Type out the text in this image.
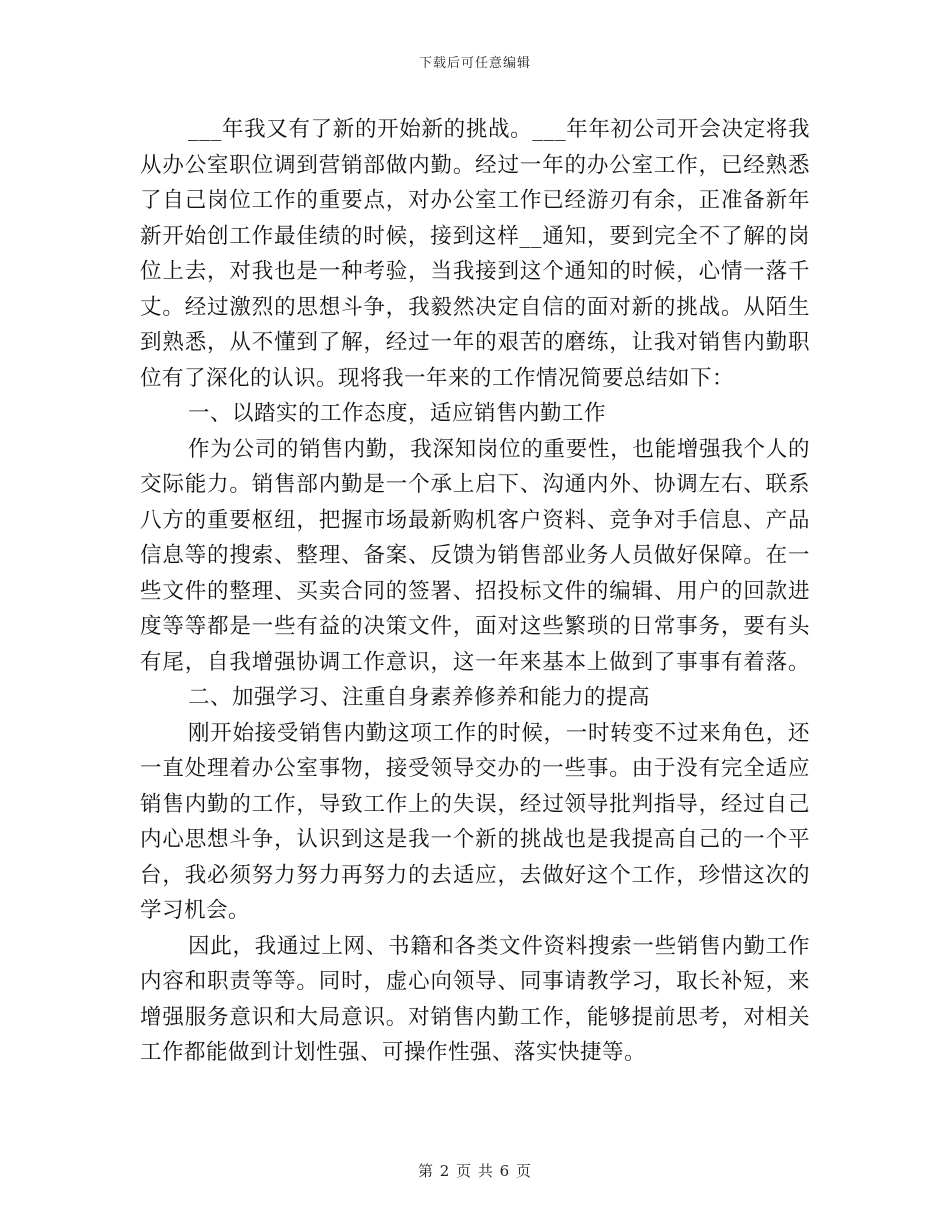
下载后可任意编辑
___年我又有了新的开始新的挑战。___年年初公司开会决定将我
从办公室职位调到营销部做内勤。经过一年的办公室工作，已经熟悉
了自己岗位工作的重要点，对办公室工作已经游刃有余，正准备新年
新开始创工作最佳绩的时候，接到这样__通知，要到完全不了解的岗
位上去，对我也是一种考验，当我接到这个通知的时候，心情一落千
丈。经过激烈的思想斗争，我毅然决定自信的面对新的挑战。从陌生
到熟悉，从不懂到了解，经过一年的艰苦的磨练，让我对销售内勤职
位有了深化的认识。现将我一年来的工作情况简要总结如下：
一、以踏实的工作态度，适应销售内勤工作
作为公司的销售内勤，我深知岗位的重要性，也能增强我个人的
交际能力。销售部内勤是一个承上启下、沟通内外、协调左右、联系
八方的重要枢纽，把握市场最新购机客户资料、竞争对手信息、产品
信息等的搜索、整理、备案、反馈为销售部业务人员做好保障。在一
些文件的整理、买卖合同的签署、招投标文件的编辑、用户的回款进
度等等都是一些有益的决策文件，面对这些繁琐的日常事务，要有头
有尾，自我增强协调工作意识，这一年来基本上做到了事事有着落。
二、加强学习、注重自身素养修养和能力的提高
刚开始接受销售内勤这项工作的时候，一时转变不过来角色，还
一直处理着办公室事物，接受领导交办的一些事。由于没有完全适应
销售内勤的工作，导致工作上的失误，经过领导批判指导，经过自己
内心思想斗争，认识到这是我一个新的挑战也是我提高自己的一个平
台，我必须努力努力再努力的去适应，去做好这个工作，珍惜这次的
学习机会。
因此，我通过上网、书籍和各类文件资料搜索一些销售内勤工作
内容和职责等等。同时，虚心向领导、同事请教学习，取长补短，来
增强服务意识和大局意识。对销售内勤工作，能够提前思考，对相关
工作都能做到计划性强、可操作性强、落实快捷等。
第 2 页 共 6 页
